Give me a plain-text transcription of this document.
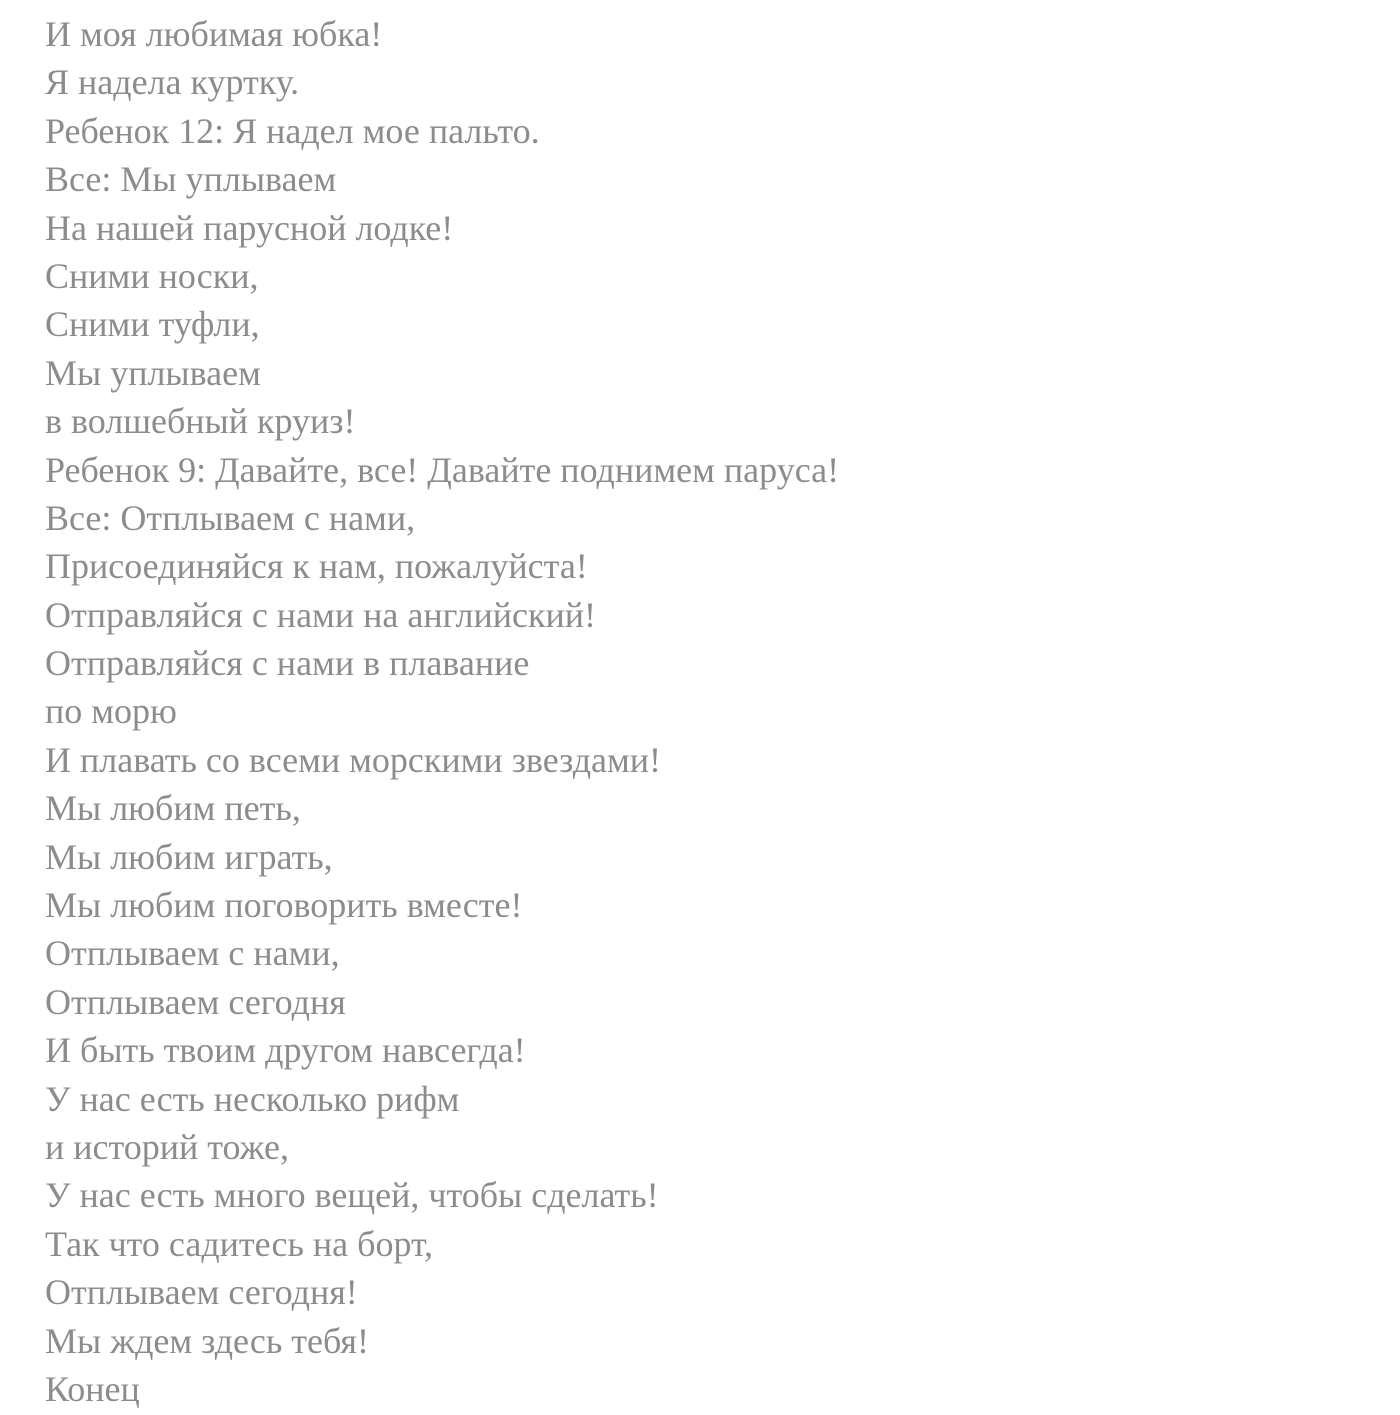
И моя любимая юбка!
Я надела куртку.
Ребенок 12: Я надел мое пальто.
Все: Мы уплываем
На нашей парусной лодке!
Сними носки,
Сними туфли,
Мы уплываем
в волшебный круиз!
Ребенок 9: Давайте, все! Давайте поднимем паруса!
Все: Отплываем с нами,
Присоединяйся к нам, пожалуйста!
Отправляйся с нами на английский!
Отправляйся с нами в плавание
по морю
И плавать со всеми морскими звездами!
Мы любим петь,
Мы любим играть,
Мы любим поговорить вместе!
Отплываем с нами,
Отплываем сегодня
И быть твоим другом навсегда!
У нас есть несколько рифм
и историй тоже,
У нас есть много вещей, чтобы сделать!
Так что садитесь на борт,
Отплываем сегодня!
Мы ждем здесь тебя!
Конец
